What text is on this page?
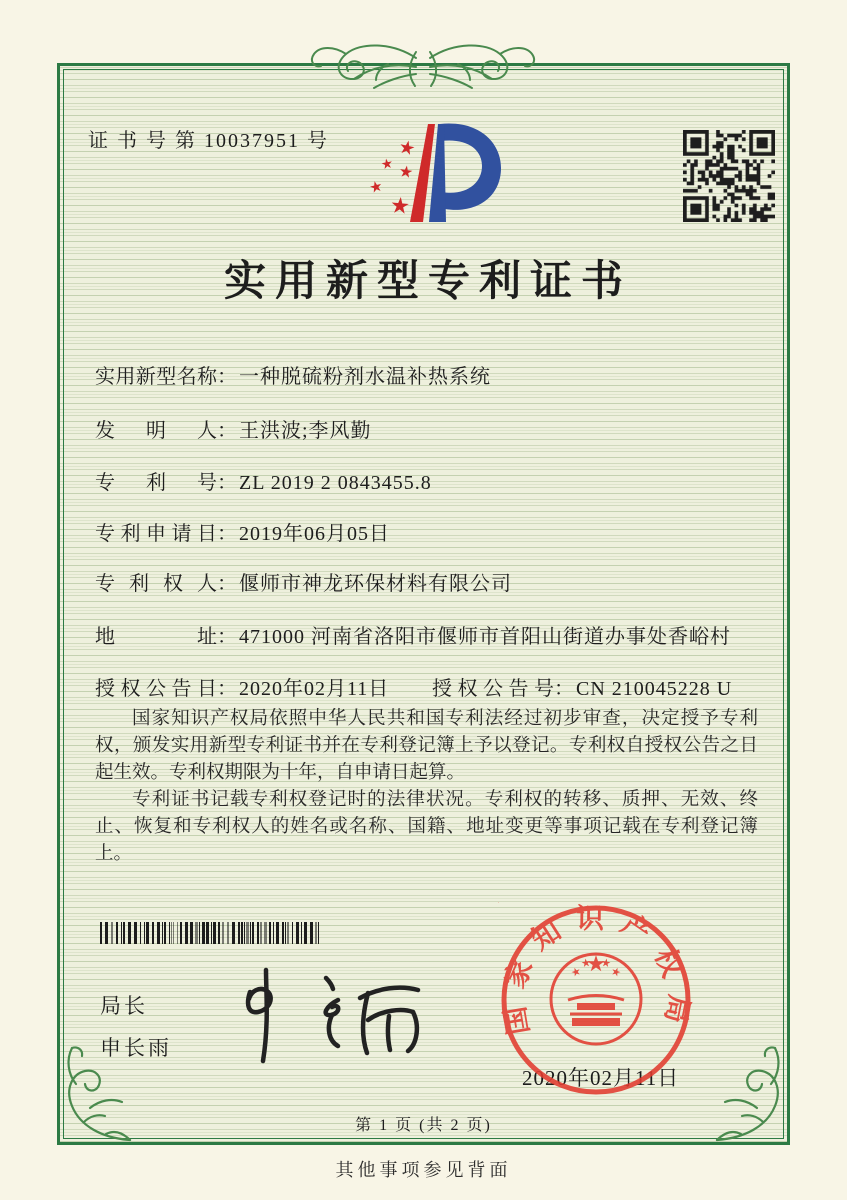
证 书 号 第 10037951 号
实用新型专利证书
实用新型名称： 一种脱硫粉剂水温补热系统
发明人： 王洪波;李风勤
专利号： ZL 2019 2 0843455.8
专利申请日： 2019年06月05日
专利权人： 偃师市神龙环保材料有限公司
地址： 471000 河南省洛阳市偃师市首阳山街道办事处香峪村
授权公告日： 2020年02月11日 授权公告号： CN 210045228 U

国家知识产权局依照中华人民共和国专利法经过初步审查，决定授予专利权，颁发实用新型专利证书并在专利登记簿上予以登记。专利权自授权公告之日起生效。专利权期限为十年，自申请日起算。

专利证书记载专利权登记时的法律状况。专利权的转移、质押、无效、终止、恢复和专利权人的姓名或名称、国籍、地址变更等事项记载在专利登记簿上。

局长
申长雨
2020年02月11日
国家知识产权局
第 1 页 (共 2 页)
其他事项参见背面
